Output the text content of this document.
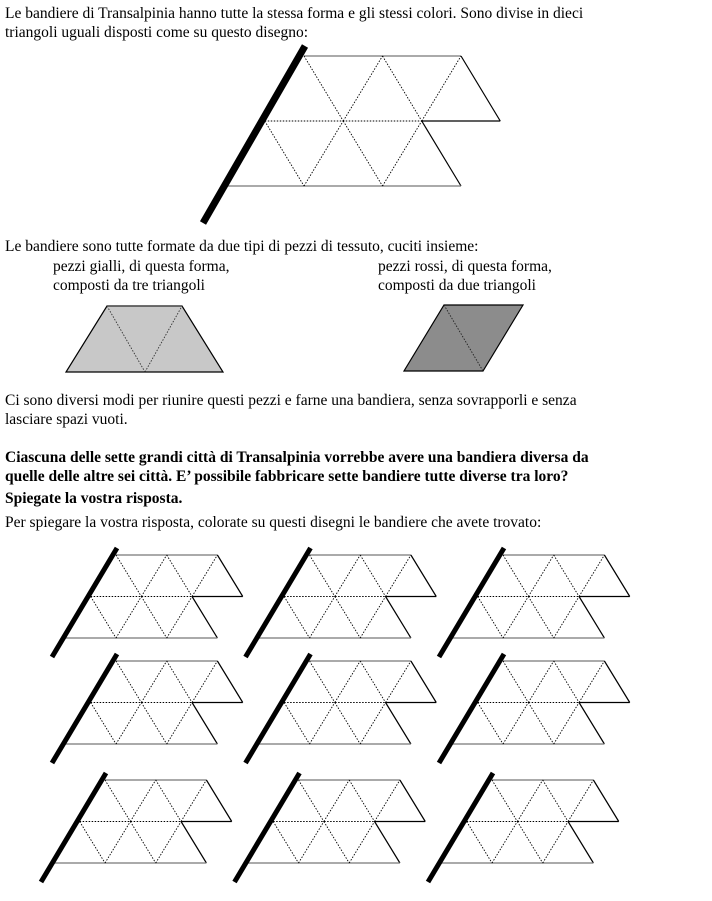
Le bandiere di Transalpinia hanno tutte la stessa forma e gli stessi colori. Sono divise in dieci
triangoli uguali disposti come su questo disegno:
Le bandiere sono tutte formate da due tipi di pezzi di tessuto, cuciti insieme:
pezzi gialli, di questa forma,
composti da tre triangoli
pezzi rossi, di questa forma,
composti da due triangoli
Ci sono diversi modi per riunire questi pezzi e farne una bandiera, senza sovrapporli e senza
lasciare spazi vuoti.
Ciascuna delle sette grandi città di Transalpinia vorrebbe avere una bandiera diversa da
quelle delle altre sei città. E’ possibile fabbricare sette bandiere tutte diverse tra loro?
Spiegate la vostra risposta.
Per spiegare la vostra risposta, colorate su questi disegni le bandiere che avete trovato:
